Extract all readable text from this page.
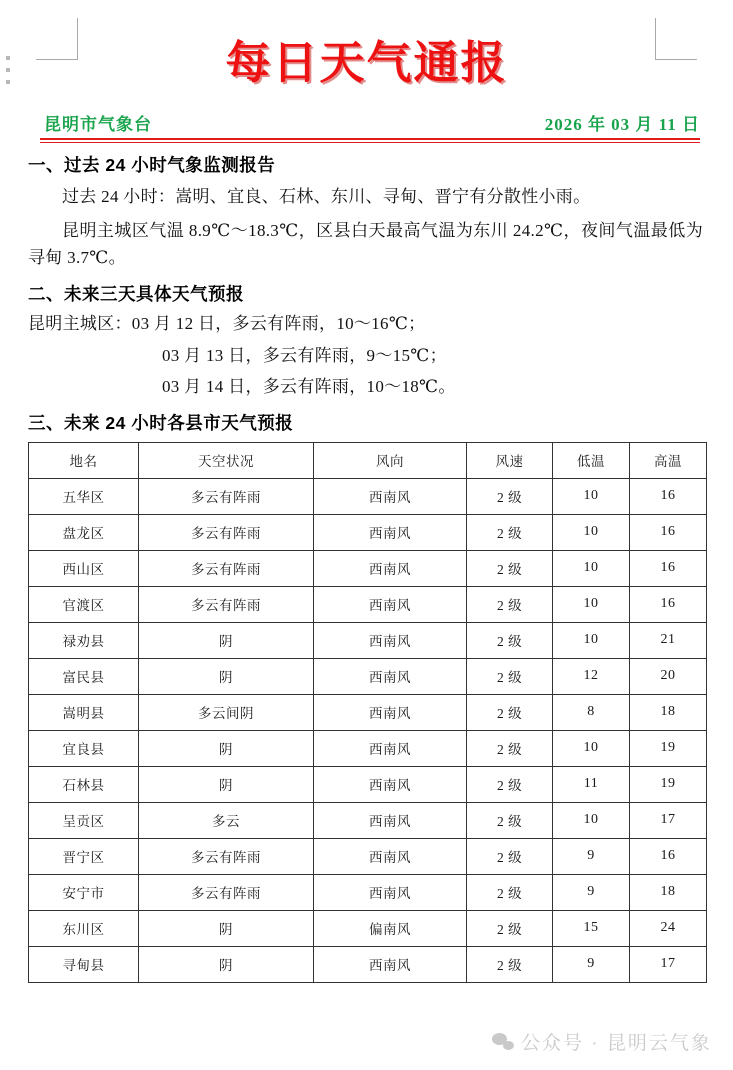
每日天气通报
昆明市气象台	2026 年 03 月 11 日
一、过去 24 小时气象监测报告

过去 24 小时：嵩明、宜良、石林、东川、寻甸、晋宁有分散性小雨。

昆明主城区气温 8.9℃～18.3℃，区县白天最高气温为东川 24.2℃，夜间气温最低为寻甸 3.7℃。

二、未来三天具体天气预报
昆明主城区：03 月 12 日，多云有阵雨，10～16℃；
03 月 13 日，多云有阵雨，9～15℃；
03 月 14 日，多云有阵雨，10～18℃。
三、未来 24 小时各县市天气预报
地名	天空状况	风向	风速	低温	高温
五华区	多云有阵雨	西南风	2 级	10	16
盘龙区	多云有阵雨	西南风	2 级	10	16
西山区	多云有阵雨	西南风	2 级	10	16
官渡区	多云有阵雨	西南风	2 级	10	16
禄劝县	阴	西南风	2 级	10	21
富民县	阴	西南风	2 级	12	20
嵩明县	多云间阴	西南风	2 级	8	18
宜良县	阴	西南风	2 级	10	19
石林县	阴	西南风	2 级	11	19
呈贡区	多云	西南风	2 级	10	17
晋宁区	多云有阵雨	西南风	2 级	9	16
安宁市	多云有阵雨	西南风	2 级	9	18
东川区	阴	偏南风	2 级	15	24
寻甸县	阴	西南风	2 级	9	17
公众号 · 昆明云气象
